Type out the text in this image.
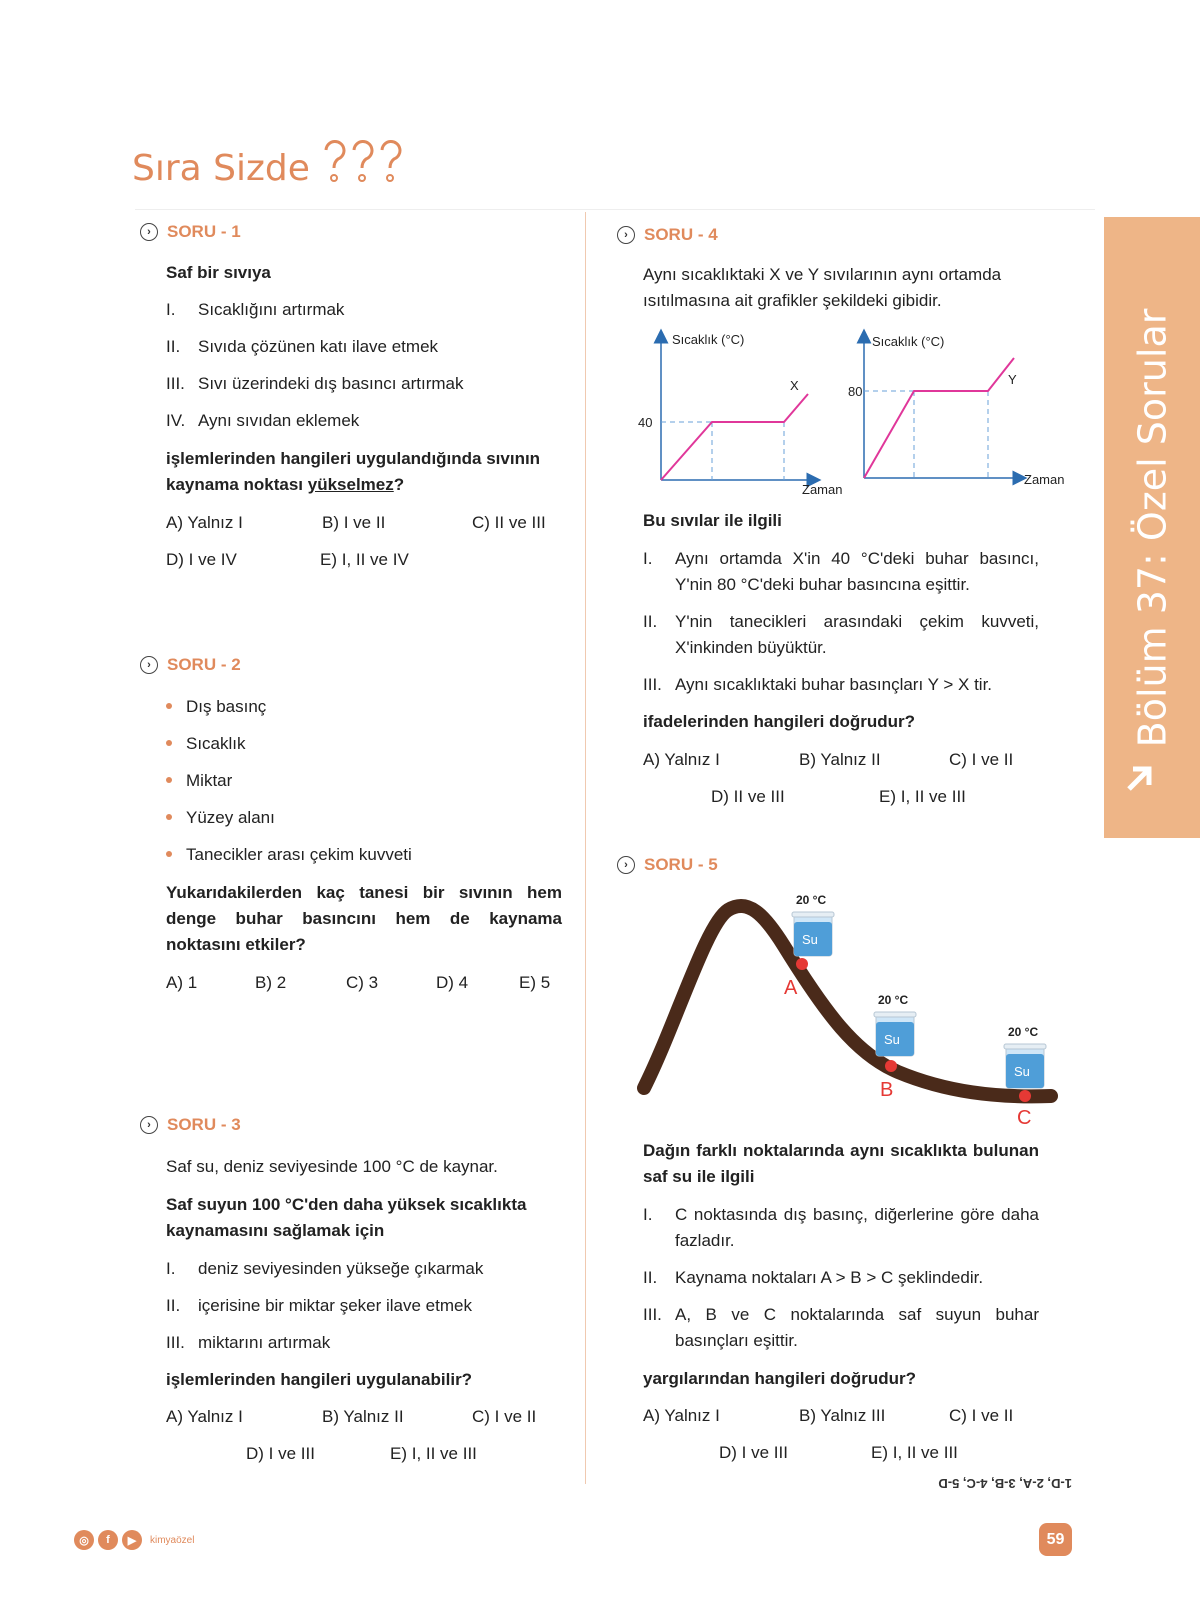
Sıra Sizde
Bölüm 37: Özel Sorular
› SORU - 1
Saf bir sıvıya
I. Sıcaklığını artırmak
II. Sıvıda çözünen katı ilave etmek
III. Sıvı üzerindeki dış basıncı artırmak
IV. Aynı sıvıdan eklemek
işlemlerinden hangileri uygulandığında sıvının kaynama noktası yükselmez?
A) Yalnız I	B) I ve II	C) II ve III
D) I ve IV	E) I, II ve IV
› SORU - 2
Dış basınç
Sıcaklık
Miktar
Yüzey alanı
Tanecikler arası çekim kuvveti
Yukarıdakilerden kaç tanesi bir sıvının hem denge buhar basıncını hem de kaynama noktasını etkiler?
A) 1	B) 2	C) 3	D) 4	E) 5
› SORU - 3
Saf su, deniz seviyesinde 100 °C de kaynar.
Saf suyun 100 °C'den daha yüksek sıcaklıkta kaynamasını sağlamak için
I. deniz seviyesinden yükseğe çıkarmak
II. içerisine bir miktar şeker ilave etmek
III. miktarını artırmak
işlemlerinden hangileri uygulanabilir?
A) Yalnız I	B) Yalnız II	C) I ve II
D) I ve III	E) I, II ve III
› SORU - 4
Aynı sıcaklıktaki X ve Y sıvılarının aynı ortamda ısıtılmasına ait grafikler şekildeki gibidir.
Sıcaklık (°C)
40
Zaman
X
Sıcaklık (°C)
80
Zaman
Y
Bu sıvılar ile ilgili
I.	Aynı ortamda X'in 40 °C'deki buhar basıncı, Y'nin 80 °C'deki buhar basıncına eşittir.
II.	Y'nin tanecikleri arasındaki çekim kuvveti, X'inkinden büyüktür.
III. Aynı sıcaklıktaki buhar basınçları Y > X tir.
ifadelerinden hangileri doğrudur?
A) Yalnız I	B) Yalnız II	C) I ve II
D) II ve III	E) I, II ve III
› SORU - 5
20 °C
Su
A
20 °C
Su
B
20 °C
Su
C
Dağın farklı noktalarında aynı sıcaklıkta bulunan saf su ile ilgili
I.	C noktasında dış basınç, diğerlerine göre daha fazladır.
II.	Kaynama noktaları A > B > C şeklindedir.
III. A, B ve C noktalarında saf suyun buhar basınçları eşittir.
yargılarından hangileri doğrudur?
A) Yalnız I	B) Yalnız III	C) I ve II
D) I ve III	E) I, II ve III
1-D, 2-A, 3-B, 4-C, 5-D
59
◎	f	▶	kimyaözel
